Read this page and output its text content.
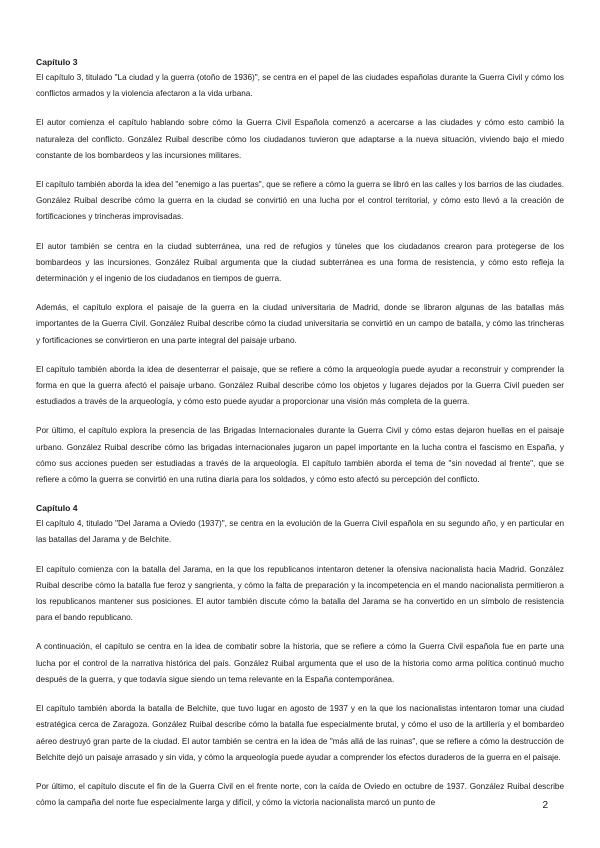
Capítulo 3

El capítulo 3, titulado "La ciudad y la guerra (otoño de 1936)", se centra en el papel de las ciudades españolas durante la Guerra Civil y cómo los conflictos armados y la violencia afectaron a la vida urbana.

El autor comienza el capítulo hablando sobre cómo la Guerra Civil Española comenzó a acercarse a las ciudades y cómo esto cambió la naturaleza del conflicto. González Ruibal describe cómo los ciudadanos tuvieron que adaptarse a la nueva situación, viviendo bajo el miedo constante de los bombardeos y las incursiones militares.

El capítulo también aborda la idea del "enemigo a las puertas", que se refiere a cómo la guerra se libró en las calles y los barrios de las ciudades. González Ruibal describe cómo la guerra en la ciudad se convirtió en una lucha por el control territorial, y cómo esto llevó a la creación de fortificaciones y trincheras improvisadas.

El autor también se centra en la ciudad subterránea, una red de refugios y túneles que los ciudadanos crearon para protegerse de los bombardeos y las incursiones. González Ruibal argumenta que la ciudad subterránea es una forma de resistencia, y cómo esto refleja la determinación y el ingenio de los ciudadanos en tiempos de guerra.

Además, el capítulo explora el paisaje de la guerra en la ciudad universitaria de Madrid, donde se libraron algunas de las batallas más importantes de la Guerra Civil. González Ruibal describe cómo la ciudad universitaria se convirtió en un campo de batalla, y cómo las trincheras y fortificaciones se convirtieron en una parte integral del paisaje urbano.

El capítulo también aborda la idea de desenterrar el paisaje, que se refiere a cómo la arqueología puede ayudar a reconstruir y comprender la forma en que la guerra afectó el paisaje urbano. González Ruibal describe cómo los objetos y lugares dejados por la Guerra Civil pueden ser estudiados a través de la arqueología, y cómo esto puede ayudar a proporcionar una visión más completa de la guerra.

Por último, el capítulo explora la presencia de las Brigadas Internacionales durante la Guerra Civil y cómo estas dejaron huellas en el paisaje urbano. González Ruibal describe cómo las brigadas internacionales jugaron un papel importante en la lucha contra el fascismo en España, y cómo sus acciones pueden ser estudiadas a través de la arqueología. El capítulo también aborda el tema de "sin novedad al frente", que se refiere a cómo la guerra se convirtió en una rutina diaria para los soldados, y cómo esto afectó su percepción del conflicto.

Capítulo 4

El capítulo 4, titulado "Del Jarama a Oviedo (1937)", se centra en la evolución de la Guerra Civil española en su segundo año, y en particular en las batallas del Jarama y de Belchite.

El capítulo comienza con la batalla del Jarama, en la que los republicanos intentaron detener la ofensiva nacionalista hacia Madrid. González Ruibal describe cómo la batalla fue feroz y sangrienta, y cómo la falta de preparación y la incompetencia en el mando nacionalista permitieron a los republicanos mantener sus posiciones. El autor también discute cómo la batalla del Jarama se ha convertido en un símbolo de resistencia para el bando republicano.

A continuación, el capítulo se centra en la idea de combatir sobre la historia, que se refiere a cómo la Guerra Civil española fue en parte una lucha por el control de la narrativa histórica del país. González Ruibal argumenta que el uso de la historia como arma política continuó mucho después de la guerra, y que todavía sigue siendo un tema relevante en la España contemporánea.

El capítulo también aborda la batalla de Belchite, que tuvo lugar en agosto de 1937 y en la que los nacionalistas intentaron tomar una ciudad estratégica cerca de Zaragoza. González Ruibal describe cómo la batalla fue especialmente brutal, y cómo el uso de la artillería y el bombardeo aéreo destruyó gran parte de la ciudad. El autor también se centra en la idea de "más allá de las ruinas", que se refiere a cómo la destrucción de Belchite dejó un paisaje arrasado y sin vida, y cómo la arqueología puede ayudar a comprender los efectos duraderos de la guerra en el paisaje.

Por último, el capítulo discute el fin de la Guerra Civil en el frente norte, con la caída de Oviedo en octubre de 1937. González Ruibal describe cómo la campaña del norte fue especialmente larga y difícil, y cómo la victoria nacionalista marcó un punto de	2
